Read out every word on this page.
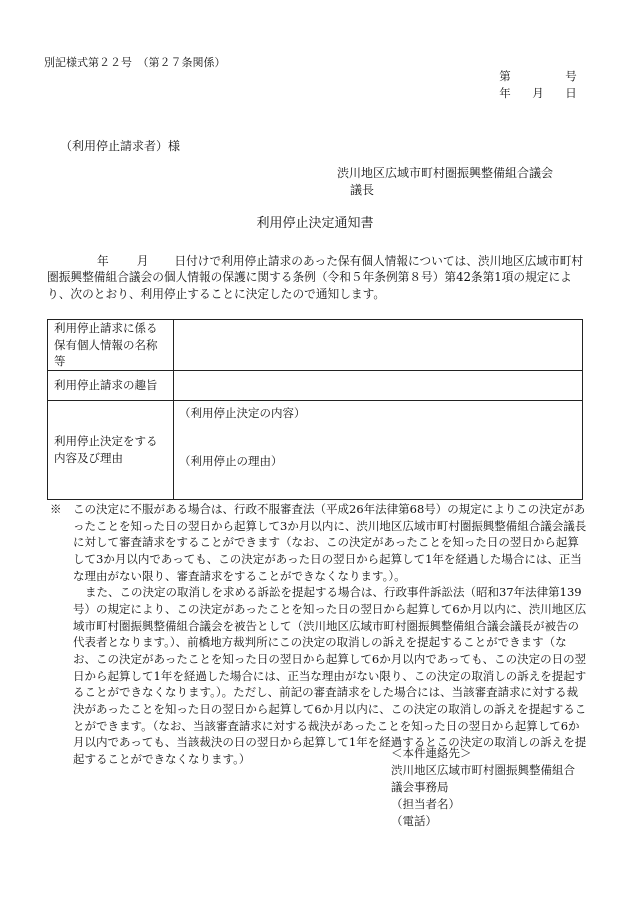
別記様式第２２号　（第２７条関係）
第	号
年 月 日
（利用停止請求者）様
渋川地区広域市町村圏振興整備組合議会
議長
利用停止決定通知書
年 月 日付けで利用停止請求のあった保有個人情報については、渋川地区広域市町村圏振興整備組合議会の個人情報の保護に関する条例（令和５年条例第８号）第42条第1項の規定により、次のとおり、利用停止することに決定したので通知します。
利用停止請求に係る保有個人情報の名称等	
利用停止請求の趣旨	
利用停止決定をする内容及び理由	（利用停止決定の内容）
（利用停止の理由）

※　この決定に不服がある場合は、行政不服審査法（平成26年法律第68号）の規定によりこの決定があったことを知った日の翌日から起算して3か月以内に、渋川地区広域市町村圏振興整備組合議会議長に対して審査請求をすることができます（なお、この決定があったことを知った日の翌日から起算して3か月以内であっても、この決定があった日の翌日から起算して1年を経過した場合には、正当な理由がない限り、審査請求をすることができなくなります。）。

また、この決定の取消しを求める訴訟を提起する場合は、行政事件訴訟法（昭和37年法律第139号）の規定により、この決定があったことを知った日の翌日から起算して6か月以内に、渋川地区広域市町村圏振興整備組合議会を被告として（渋川地区広域市町村圏振興整備組合議会議長が被告の代表者となります。）、前橋地方裁判所にこの決定の取消しの訴えを提起することができます（なお、この決定があったことを知った日の翌日から起算して6か月以内であっても、この決定の日の翌日から起算して1年を経過した場合には、正当な理由がない限り、この決定の取消しの訴えを提起することができなくなります。）。ただし、前記の審査請求をした場合には、当該審査請求に対する裁決があったことを知った日の翌日から起算して6か月以内に、この決定の取消しの訴えを提起することができます。（なお、当該審査請求に対する裁決があったことを知った日の翌日から起算して6か月以内であっても、当該裁決の日の翌日から起算して1年を経過するとこの決定の取消しの訴えを提起することができなくなります。）	＜本件連絡先＞
渋川地区広域市町村圏振興整備組合
議会事務局
（担当者名）
（電話）
